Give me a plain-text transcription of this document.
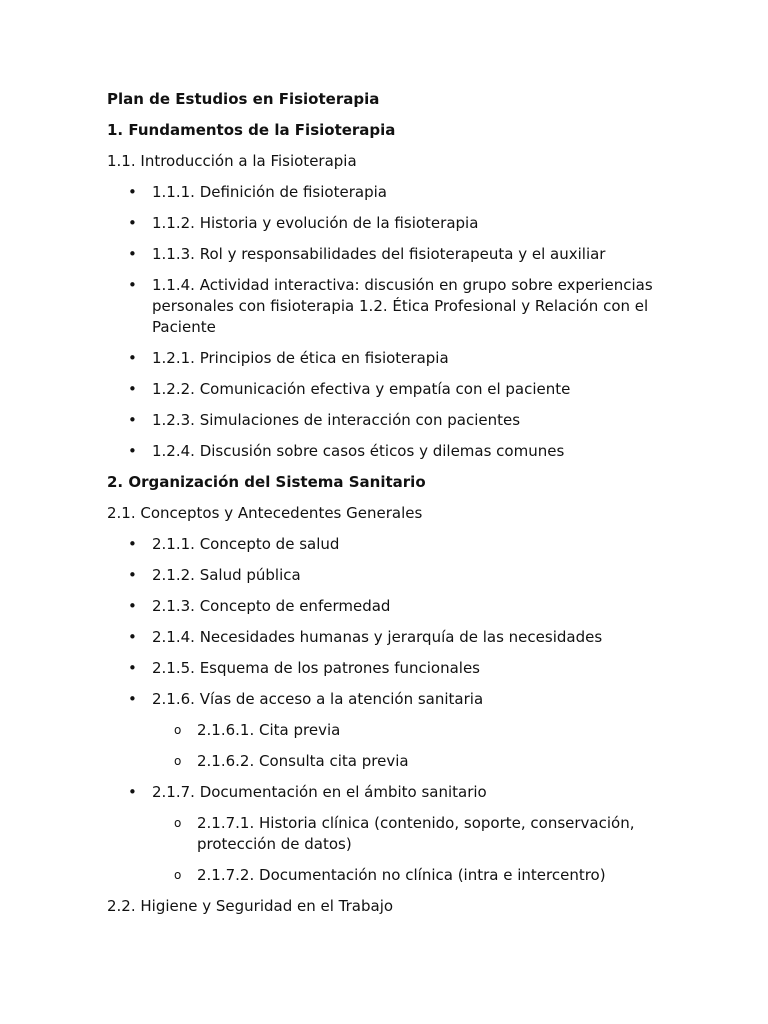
Plan de Estudios en Fisioterapia
1. Fundamentos de la Fisioterapia
1.1. Introducción a la Fisioterapia
• 1.1.1. Definición de fisioterapia
• 1.1.2. Historia y evolución de la fisioterapia
• 1.1.3. Rol y responsabilidades del fisioterapeuta y el auxiliar
• 1.1.4. Actividad interactiva: discusión en grupo sobre experiencias personales con fisioterapia 1.2. Ética Profesional y Relación con el Paciente
• 1.2.1. Principios de ética en fisioterapia
• 1.2.2. Comunicación efectiva y empatía con el paciente
• 1.2.3. Simulaciones de interacción con pacientes
• 1.2.4. Discusión sobre casos éticos y dilemas comunes
2. Organización del Sistema Sanitario
2.1. Conceptos y Antecedentes Generales
• 2.1.1. Concepto de salud
• 2.1.2. Salud pública
• 2.1.3. Concepto de enfermedad
• 2.1.4. Necesidades humanas y jerarquía de las necesidades
• 2.1.5. Esquema de los patrones funcionales
• 2.1.6. Vías de acceso a la atención sanitaria
o 2.1.6.1. Cita previa
o 2.1.6.2. Consulta cita previa
• 2.1.7. Documentación en el ámbito sanitario
o 2.1.7.1. Historia clínica (contenido, soporte, conservación, protección de datos)
o 2.1.7.2. Documentación no clínica (intra e intercentro)
2.2. Higiene y Seguridad en el Trabajo
